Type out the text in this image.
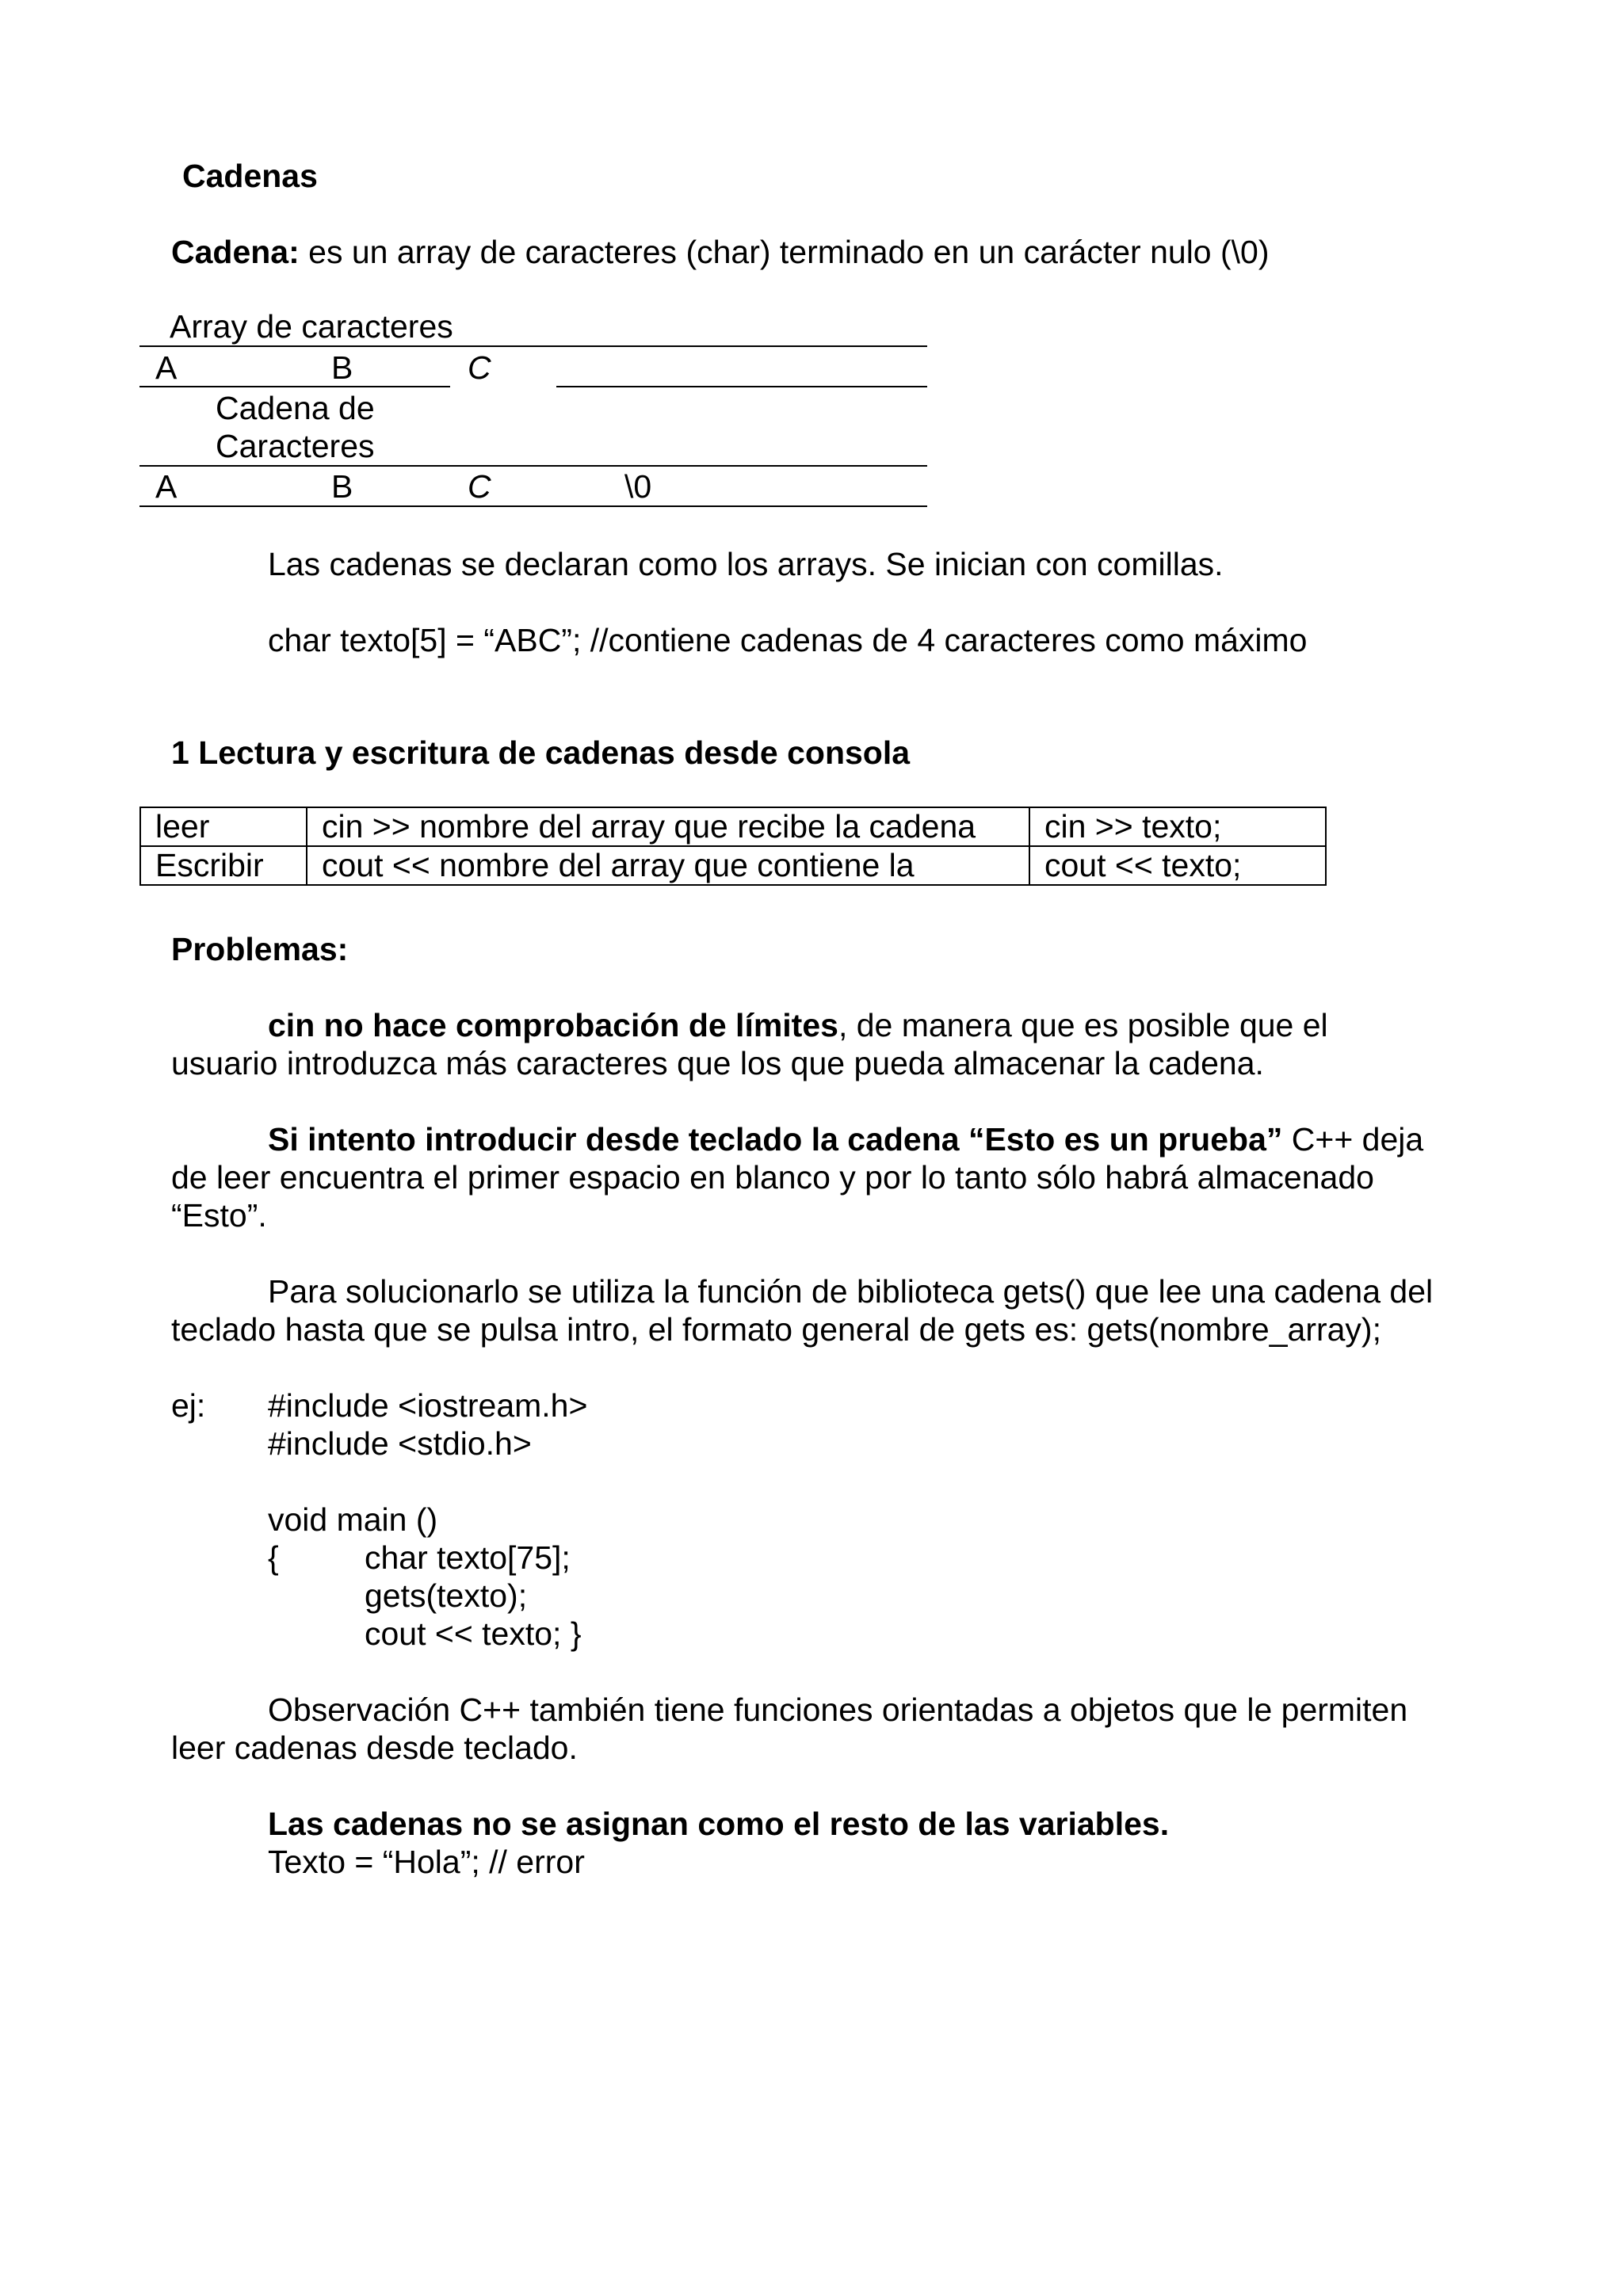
Cadenas
Cadena: es un array de caracteres (char) terminado en un carácter nulo (\0)
Array de caracteres
A	B	C
Cadena de
Caracteres
A	B	C	\0
Las cadenas se declaran como los arrays. Se inician con comillas.
char texto[5] = “ABC”; //contiene cadenas de 4 caracteres como máximo
1 Lectura y escritura de cadenas desde consola
leer	cin >> nombre del array que recibe la cadena	cin >> texto;
Escribir	cout << nombre del array que contiene la	cout << texto;
Problemas:
cin no hace comprobación de límites, de manera que es posible que el
usuario introduzca más caracteres que los que pueda almacenar la cadena.
Si intento introducir desde teclado la cadena “Esto es un prueba” C++ deja
de leer encuentra el primer espacio en blanco y por lo tanto sólo habrá almacenado
“Esto”.
Para solucionarlo se utiliza la función de biblioteca gets() que lee una cadena del
teclado hasta que se pulsa intro, el formato general de gets es: gets(nombre_array);
ej: #include <iostream.h>
#include <stdio.h>
void main ()
{	char texto[75];
gets(texto);
cout << texto; }
Observación C++ también tiene funciones orientadas a objetos que le permiten
leer cadenas desde teclado.
Las cadenas no se asignan como el resto de las variables.
Texto = “Hola”; // error
